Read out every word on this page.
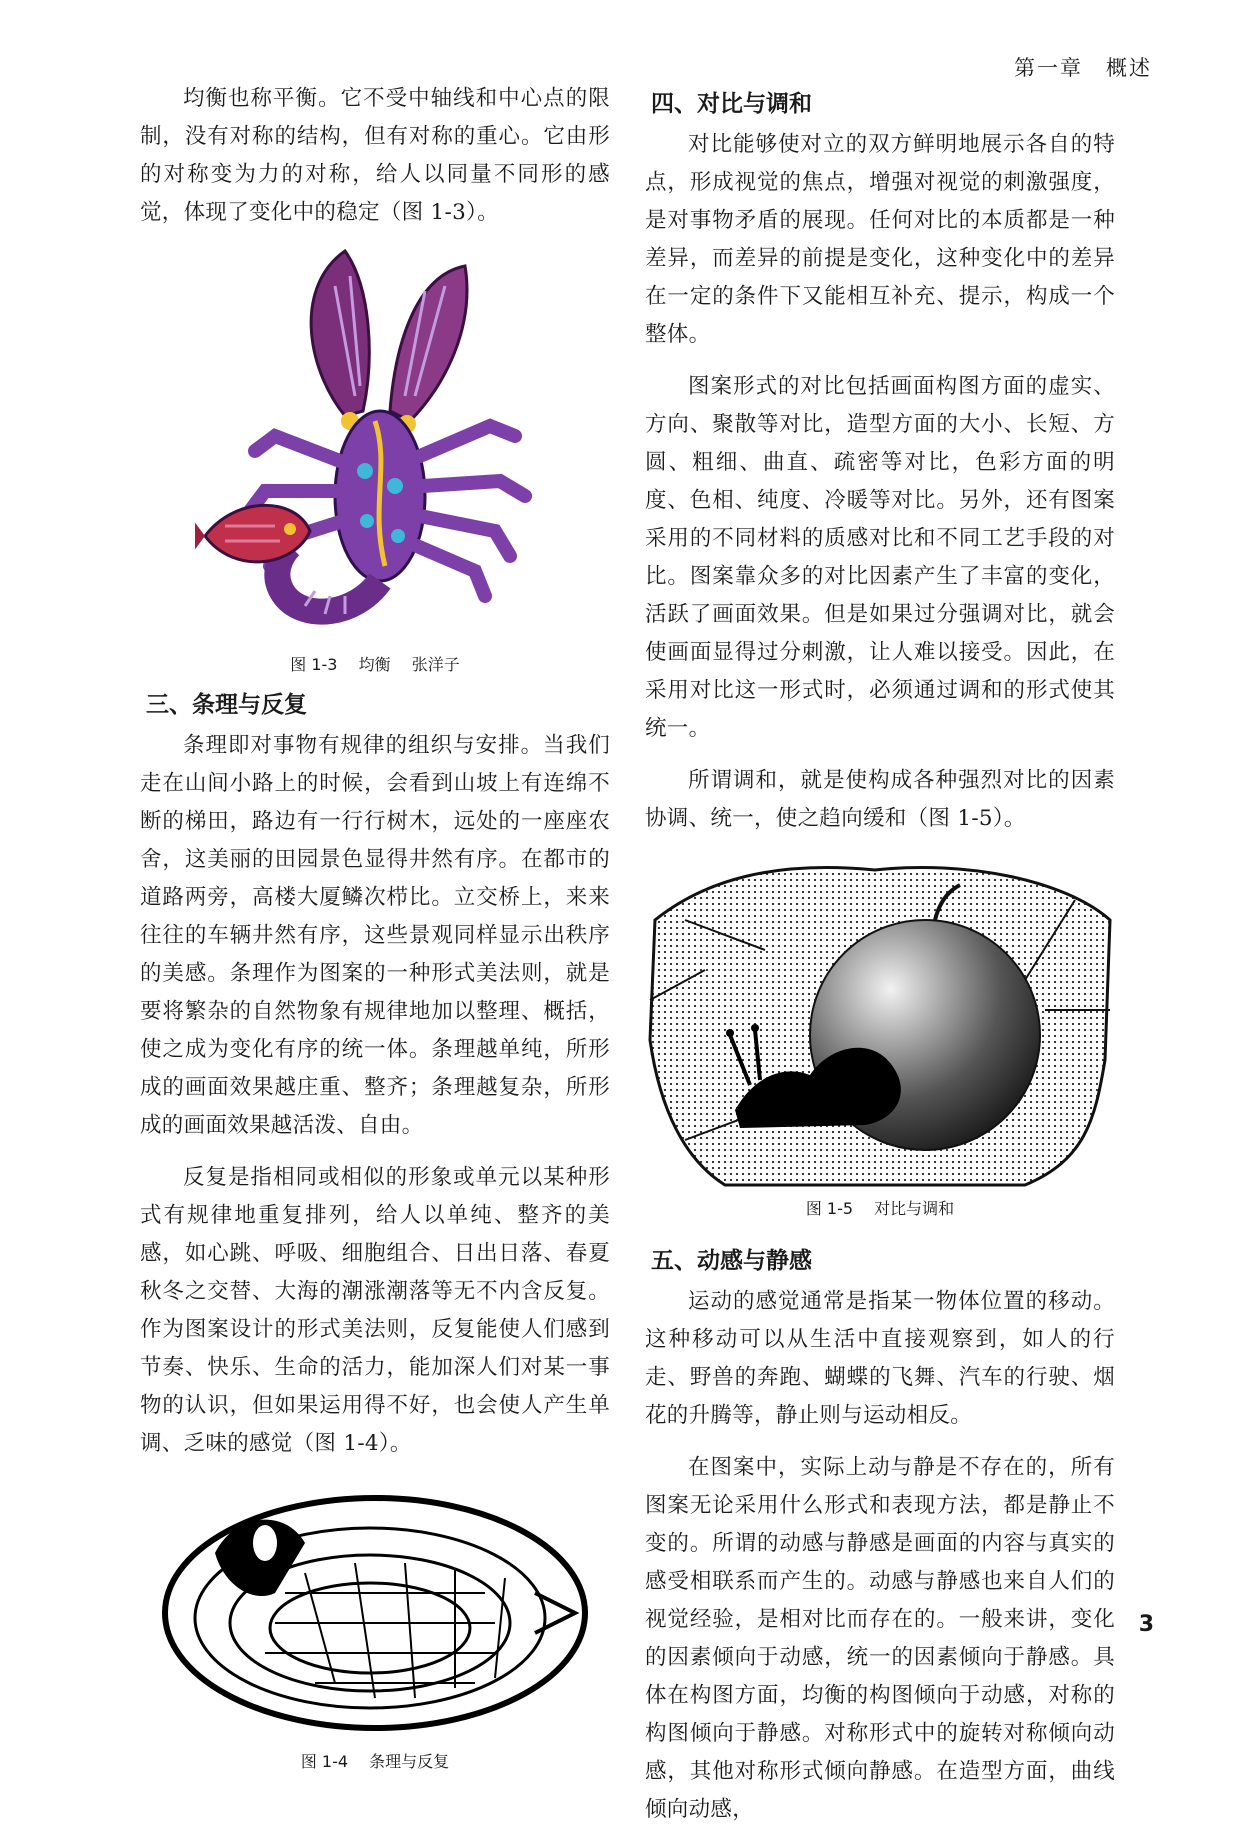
第一章　概述

均衡也称平衡。它不受中轴线和中心点的限制，没有对称的结构，但有对称的重心。它由形的对称变为力的对称，给人以同量不同形的感觉，体现了变化中的稳定（图 1-3）。

图 1-3 均衡 张洋子
三、条理与反复

条理即对事物有规律的组织与安排。当我们走在山间小路上的时候，会看到山坡上有连绵不断的梯田，路边有一行行树木，远处的一座座农舍，这美丽的田园景色显得井然有序。在都市的道路两旁，高楼大厦鳞次栉比。立交桥上，来来往往的车辆井然有序，这些景观同样显示出秩序的美感。条理作为图案的一种形式美法则，就是要将繁杂的自然物象有规律地加以整理、概括，使之成为变化有序的统一体。条理越单纯，所形成的画面效果越庄重、整齐；条理越复杂，所形成的画面效果越活泼、自由。

反复是指相同或相似的形象或单元以某种形式有规律地重复排列，给人以单纯、整齐的美感，如心跳、呼吸、细胞组合、日出日落、春夏秋冬之交替、大海的潮涨潮落等无不内含反复。作为图案设计的形式美法则，反复能使人们感到节奏、快乐、生命的活力，能加深人们对某一事物的认识，但如果运用得不好，也会使人产生单调、乏味的感觉（图 1-4）。

图 1-4 条理与反复
四、对比与调和

对比能够使对立的双方鲜明地展示各自的特点，形成视觉的焦点，增强对视觉的刺激强度，是对事物矛盾的展现。任何对比的本质都是一种差异，而差异的前提是变化，这种变化中的差异在一定的条件下又能相互补充、提示，构成一个整体。

图案形式的对比包括画面构图方面的虚实、方向、聚散等对比，造型方面的大小、长短、方圆、粗细、曲直、疏密等对比，色彩方面的明度、色相、纯度、冷暖等对比。另外，还有图案采用的不同材料的质感对比和不同工艺手段的对比。图案靠众多的对比因素产生了丰富的变化，活跃了画面效果。但是如果过分强调对比，就会使画面显得过分刺激，让人难以接受。因此，在采用对比这一形式时，必须通过调和的形式使其统一。

所谓调和，就是使构成各种强烈对比的因素协调、统一，使之趋向缓和（图 1-5）。

图 1-5 对比与调和
五、动感与静感

运动的感觉通常是指某一物体位置的移动。这种移动可以从生活中直接观察到，如人的行走、野兽的奔跑、蝴蝶的飞舞、汽车的行驶、烟花的升腾等，静止则与运动相反。

在图案中，实际上动与静是不存在的，所有图案无论采用什么形式和表现方法，都是静止不变的。所谓的动感与静感是画面的内容与真实的感受相联系而产生的。动感与静感也来自人们的视觉经验，是相对比而存在的。一般来讲，变化的因素倾向于动感，统一的因素倾向于静感。具体在构图方面，均衡的构图倾向于动感，对称的构图倾向于静感。对称形式中的旋转对称倾向动感，其他对称形式倾向静感。在造型方面，曲线倾向动感，

3
